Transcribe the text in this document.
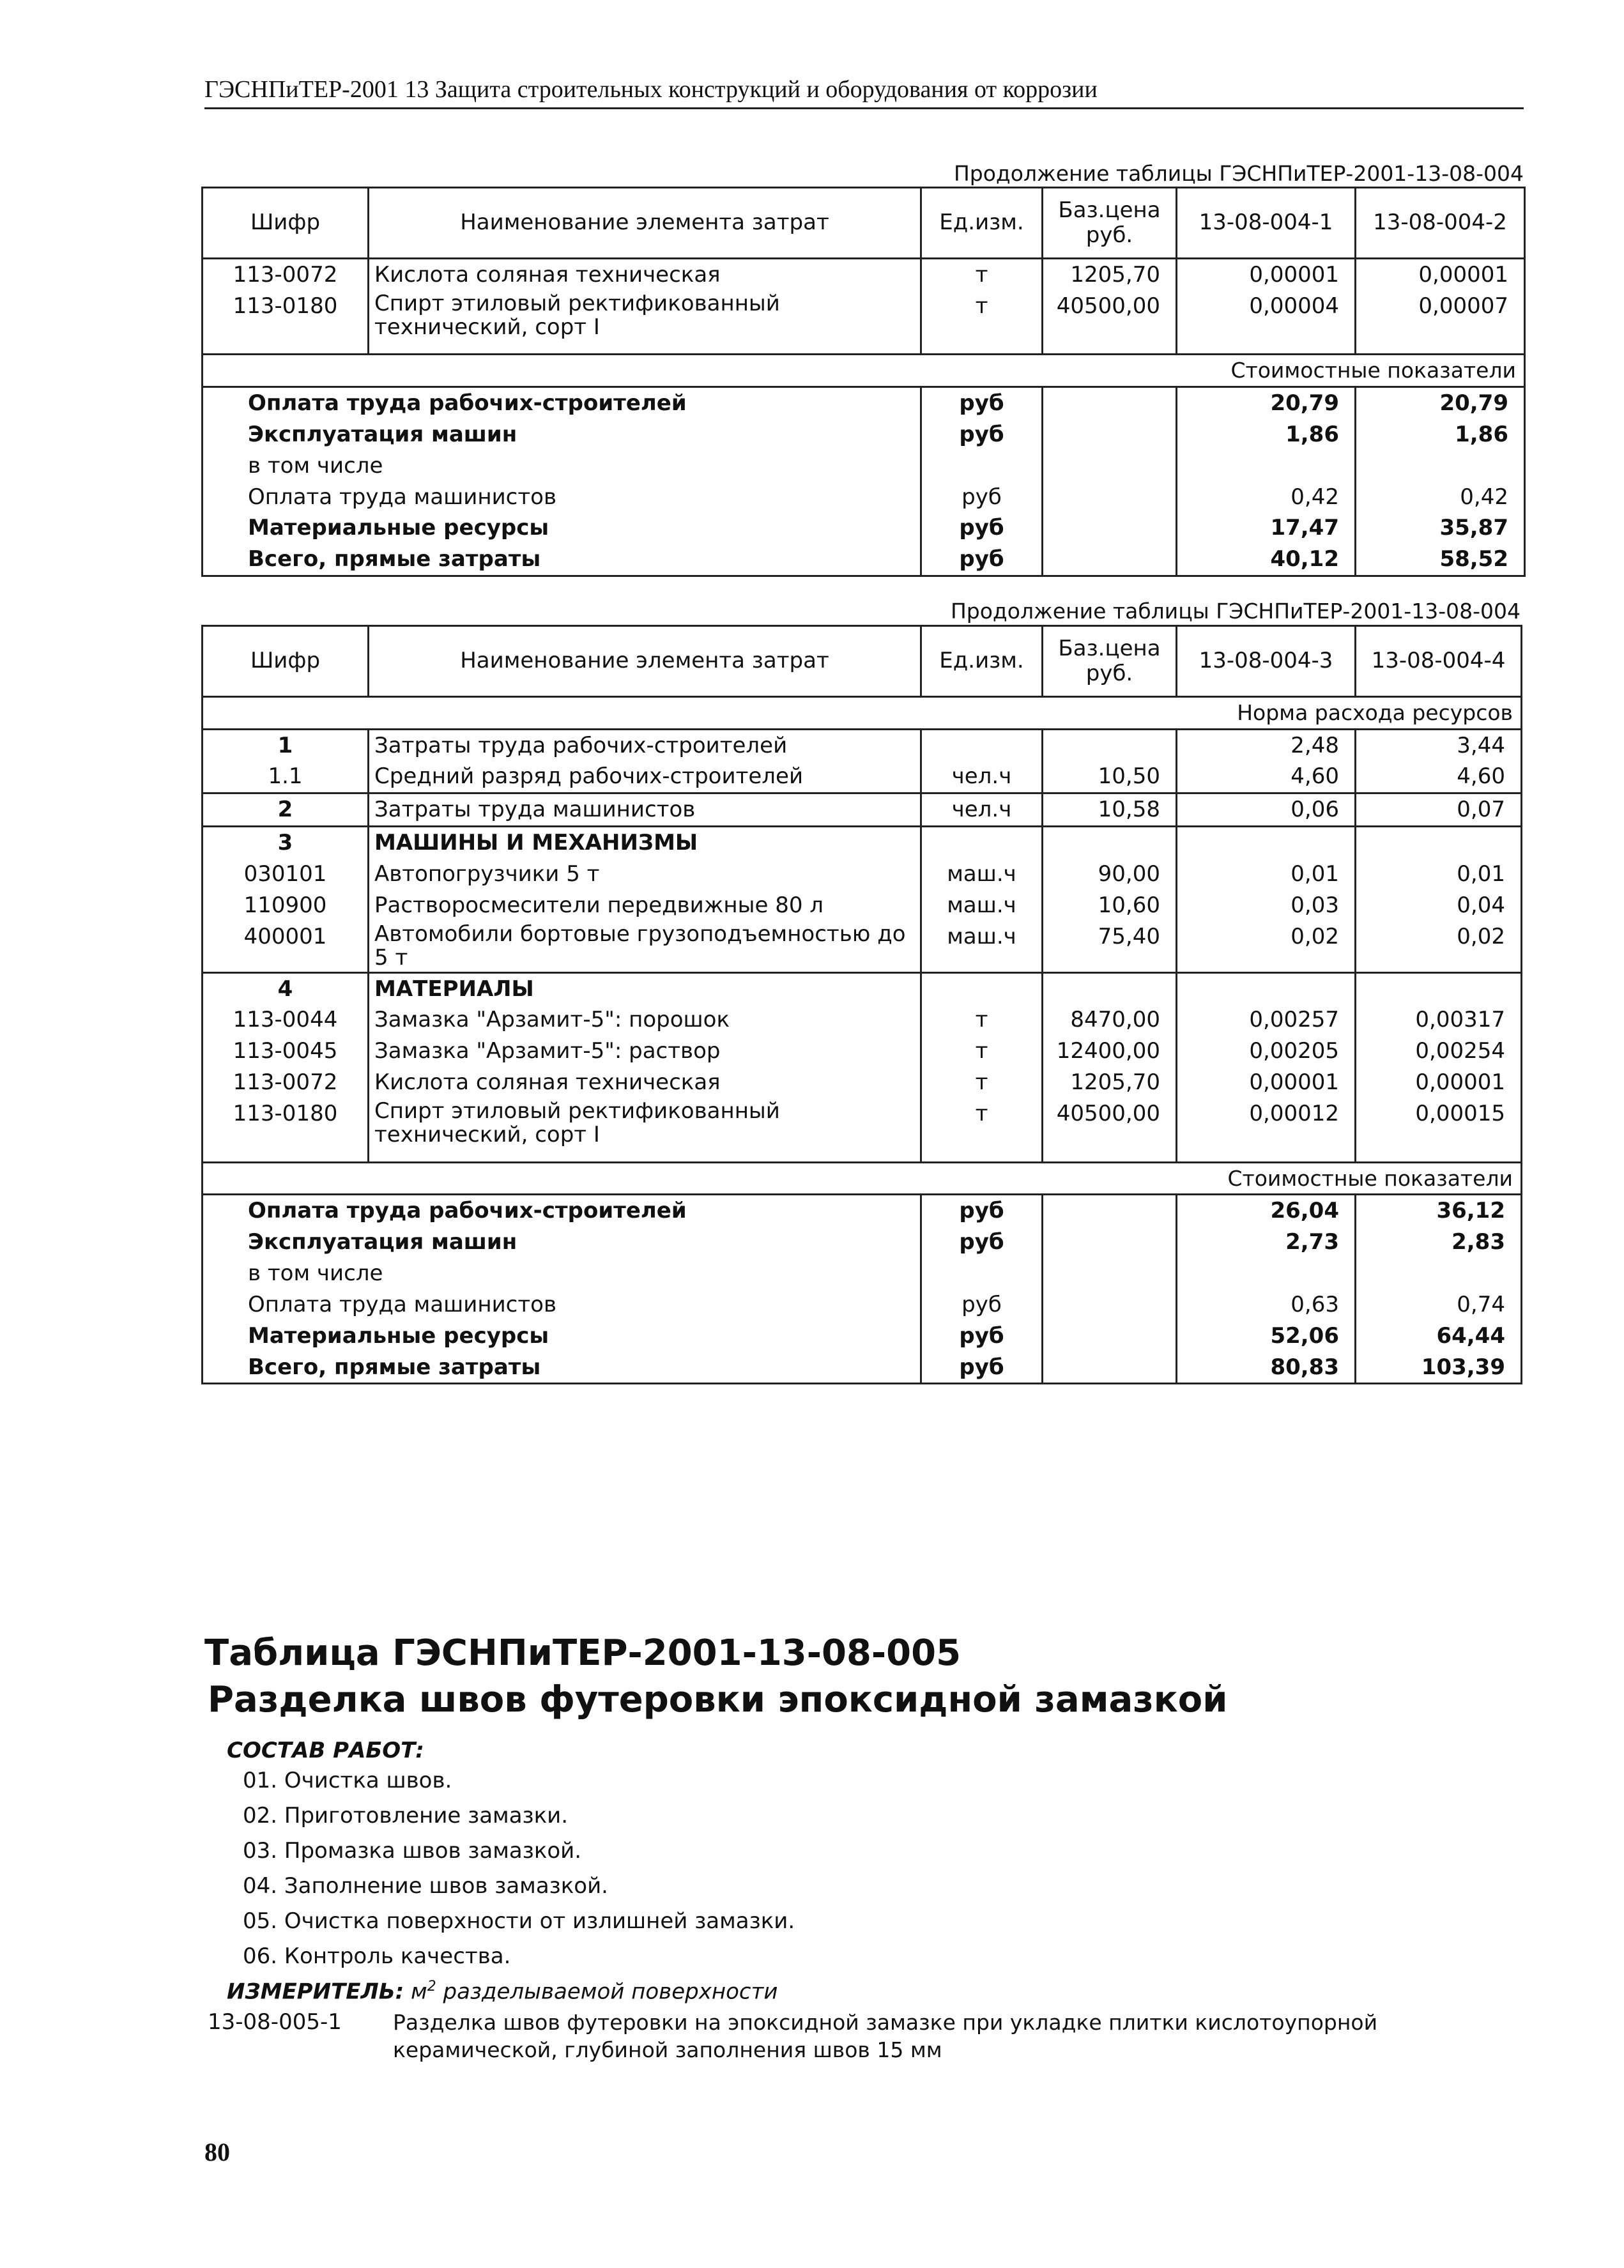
ГЭСНПиТЕР-2001 13 Защита строительных конструкций и оборудования от коррозии
Продолжение таблицы ГЭСНПиТЕР-2001-13-08-004
Шифр	Наименование элемента затрат	Ед.изм.	Баз.цена руб.	13-08-004-1	13-08-004-2
113-0072	Кислота соляная техническая	т	1205,70	0,00001	0,00001
113-0180	Спирт этиловый ректификованный технический, сорт I	т	40500,00	0,00004	0,00007
Стоимостные показатели					
Оплата труда рабочих-строителей		руб		20,79	20,79
Эксплуатация машин		руб		1,86	1,86
в том числе					
Оплата труда машинистов		руб		0,42	0,42
Материальные ресурсы		руб		17,47	35,87
Всего, прямые затраты		руб		40,12	58,52
Продолжение таблицы ГЭСНПиТЕР-2001-13-08-004
Шифр	Наименование элемента затрат	Ед.изм.	Баз.цена руб.	13-08-004-3	13-08-004-4
Норма расхода ресурсов					
1	Затраты труда рабочих-строителей			2,48	3,44
1.1	Средний разряд рабочих-строителей	чел.ч	10,50	4,60	4,60
2	Затраты труда машинистов	чел.ч	10,58	0,06	0,07
3	МАШИНЫ И МЕХАНИЗМЫ				
030101	Автопогрузчики 5 т	маш.ч	90,00	0,01	0,01
110900	Растворосмесители передвижные 80 л	маш.ч	10,60	0,03	0,04
400001	Автомобили бортовые грузоподъемностью до 5 т	маш.ч	75,40	0,02	0,02
4	МАТЕРИАЛЫ				
113-0044	Замазка "Арзамит-5": порошок	т	8470,00	0,00257	0,00317
113-0045	Замазка "Арзамит-5": раствор	т	12400,00	0,00205	0,00254
113-0072	Кислота соляная техническая	т	1205,70	0,00001	0,00001
113-0180	Спирт этиловый ректификованный технический, сорт I	т	40500,00	0,00012	0,00015
Стоимостные показатели					
Оплата труда рабочих-строителей		руб		26,04	36,12
Эксплуатация машин		руб		2,73	2,83
в том числе					
Оплата труда машинистов		руб		0,63	0,74
Материальные ресурсы		руб		52,06	64,44
Всего, прямые затраты		руб		80,83	103,39
Таблица ГЭСНПиТЕР-2001-13-08-005
Разделка швов футеровки эпоксидной замазкой
СОСТАВ РАБОТ:
01. Очистка швов.
02. Приготовление замазки.
03. Промазка швов замазкой.
04. Заполнение швов замазкой.
05. Очистка поверхности от излишней замазки.
06. Контроль качества.
ИЗМЕРИТЕЛЬ: $м^2$ разделываемой поверхности
13-08-005-1 Разделка швов футеровки на эпоксидной замазке при укладке плитки кислотоупорной керамической, глубиной заполнения швов 15 мм
80
